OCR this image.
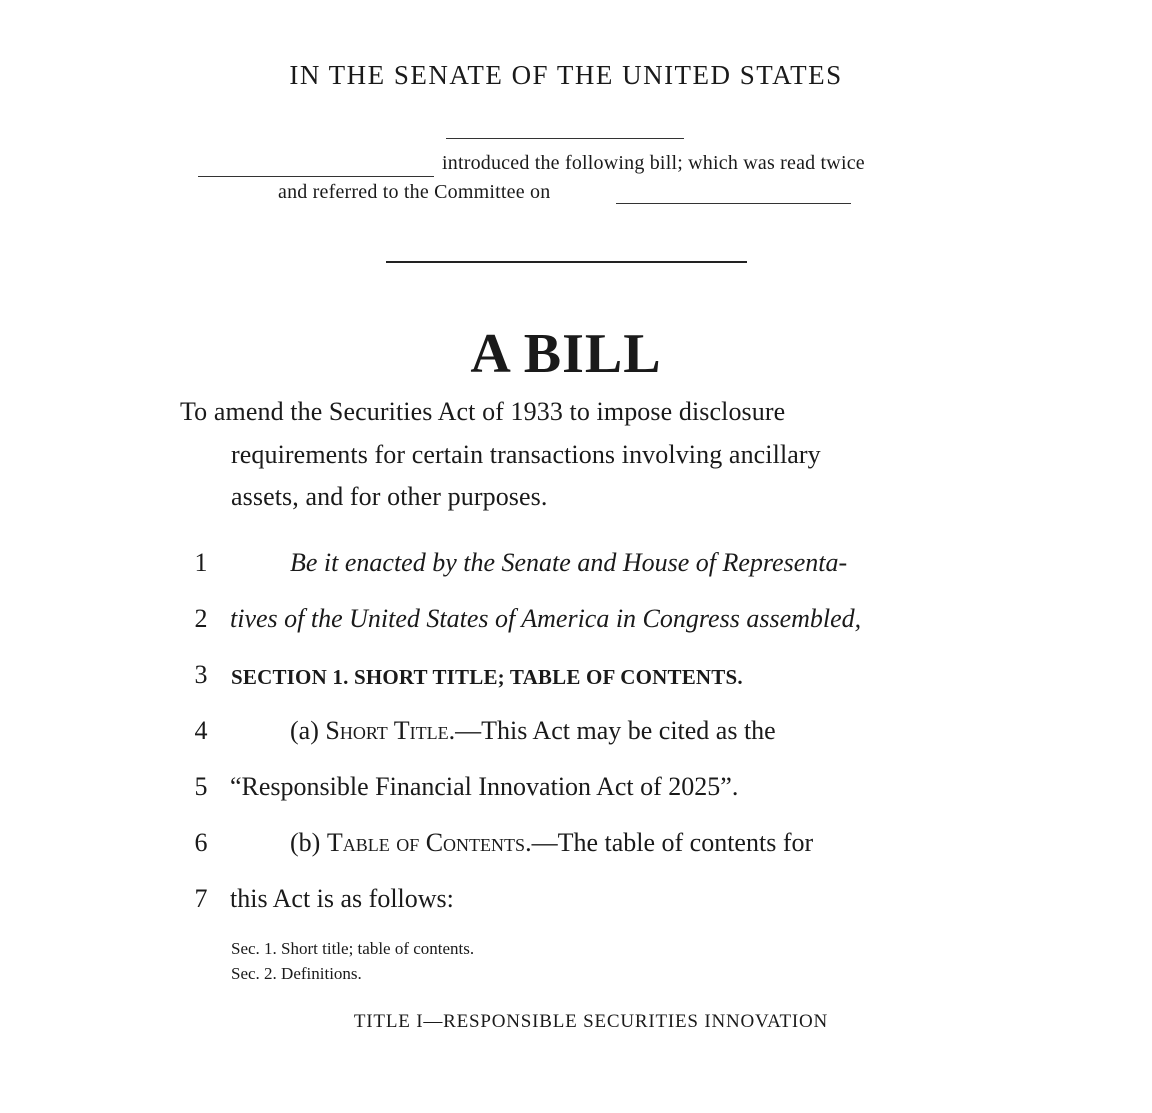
IN THE SENATE OF THE UNITED STATES
introduced the following bill; which was read twice
and referred to the Committee on
A BILL
To amend the Securities Act of 1933 to impose disclosure
requirements for certain transactions involving ancillary
assets, and for other purposes.
1	Be it enacted by the Senate and House of Representa-
2 tives of the United States of America in Congress assembled,
3	SECTION 1. SHORT TITLE; TABLE OF CONTENTS.
4	(a) Short Title.—This Act may be cited as the
5 “Responsible Financial Innovation Act of 2025”.
6	(b) Table of Contents.—The table of contents for
7 this Act is as follows:
Sec. 1. Short title; table of contents.
Sec. 2. Definitions.
TITLE I—RESPONSIBLE SECURITIES INNOVATION
